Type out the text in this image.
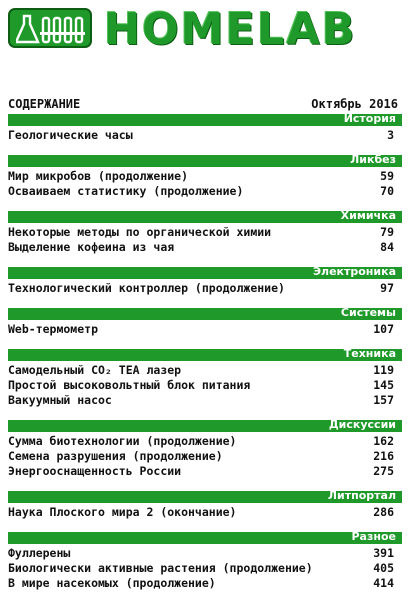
HOMELAB
СОДЕРЖАНИЕ	Октябрь 2016
История
Геологические часы	3
Ликбез
Мир микробов (продолжение)	59
Осваиваем статистику (продолжение)	70
Химичка
Некоторые методы по органической химии	79
Выделение кофеина из чая	84
Электроника
Технологический контроллер (продолжение)	97
Системы
Web-термометр	107
Техника
Самодельный CO₂ TEA лазер	119
Простой высоковольтный блок питания	145
Вакуумный насос	157
Дискуссии
Сумма биотехнологии (продолжение)	162
Семена разрушения (продолжение)	216
Энергооснащенность России	275
Литпортал
Наука Плоского мира 2 (окончание)	286
Разное
Фуллерены	391
Биологически активные растения (продолжение)	405
В мире насекомых (продолжение)	414
